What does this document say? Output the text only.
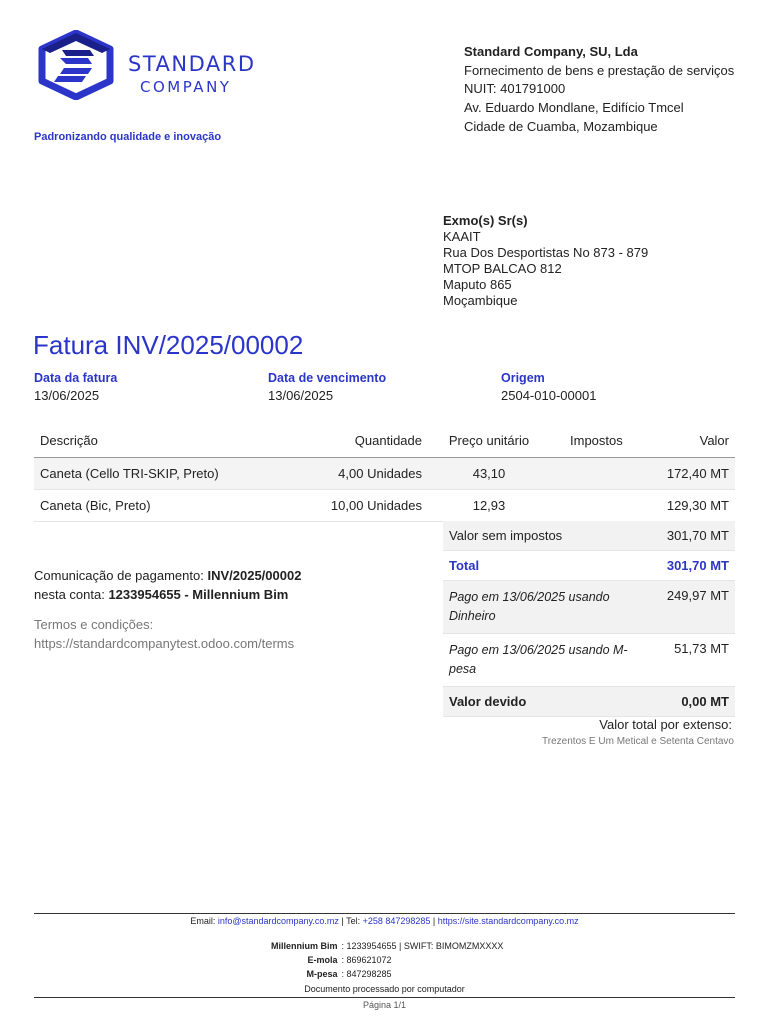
STANDARD
COMPANY
Padronizando qualidade e inovação
Standard Company, SU, Lda
Fornecimento de bens e prestação de serviços
NUIT: 401791000
Av. Eduardo Mondlane, Edifício Tmcel
Cidade de Cuamba, Mozambique
Exmo(s) Sr(s)
KAAIT
Rua Dos Desportistas No 873 - 879
MTOP BALCAO 812
Maputo 865
Moçambique
Fatura INV/2025/00002
Data da fatura
13/06/2025
Data de vencimento
13/06/2025
Origem
2504-010-00001
Descrição	Quantidade	Preço unitário	Impostos	Valor
Caneta (Cello TRI-SKIP, Preto)	4,00 Unidades	43,10		172,40 MT
Caneta (Bic, Preto)	10,00 Unidades	12,93		129,30 MT
Valor sem impostos	301,70 MT
Total	301,70 MT
Pago em 13/06/2025 usando Dinheiro	249,97 MT
Pago em 13/06/2025 usando M-pesa	51,73 MT
Valor devido	0,00 MT
Valor total por extenso:
Trezentos E Um Metical e Setenta Centavo
Comunicação de pagamento: INV/2025/00002
nesta conta: 1233954655 - Millennium Bim
Termos e condições:
https://standardcompanytest.odoo.com/terms
Email: info@standardcompany.co.mz | Tel: +258 847298285 | https://site.standardcompany.co.mz
Millennium Bim : 1233954655 | SWIFT: BIMOMZMXXXX
E-mola : 869621072
M-pesa : 847298285
Documento processado por computador
Página 1/1
